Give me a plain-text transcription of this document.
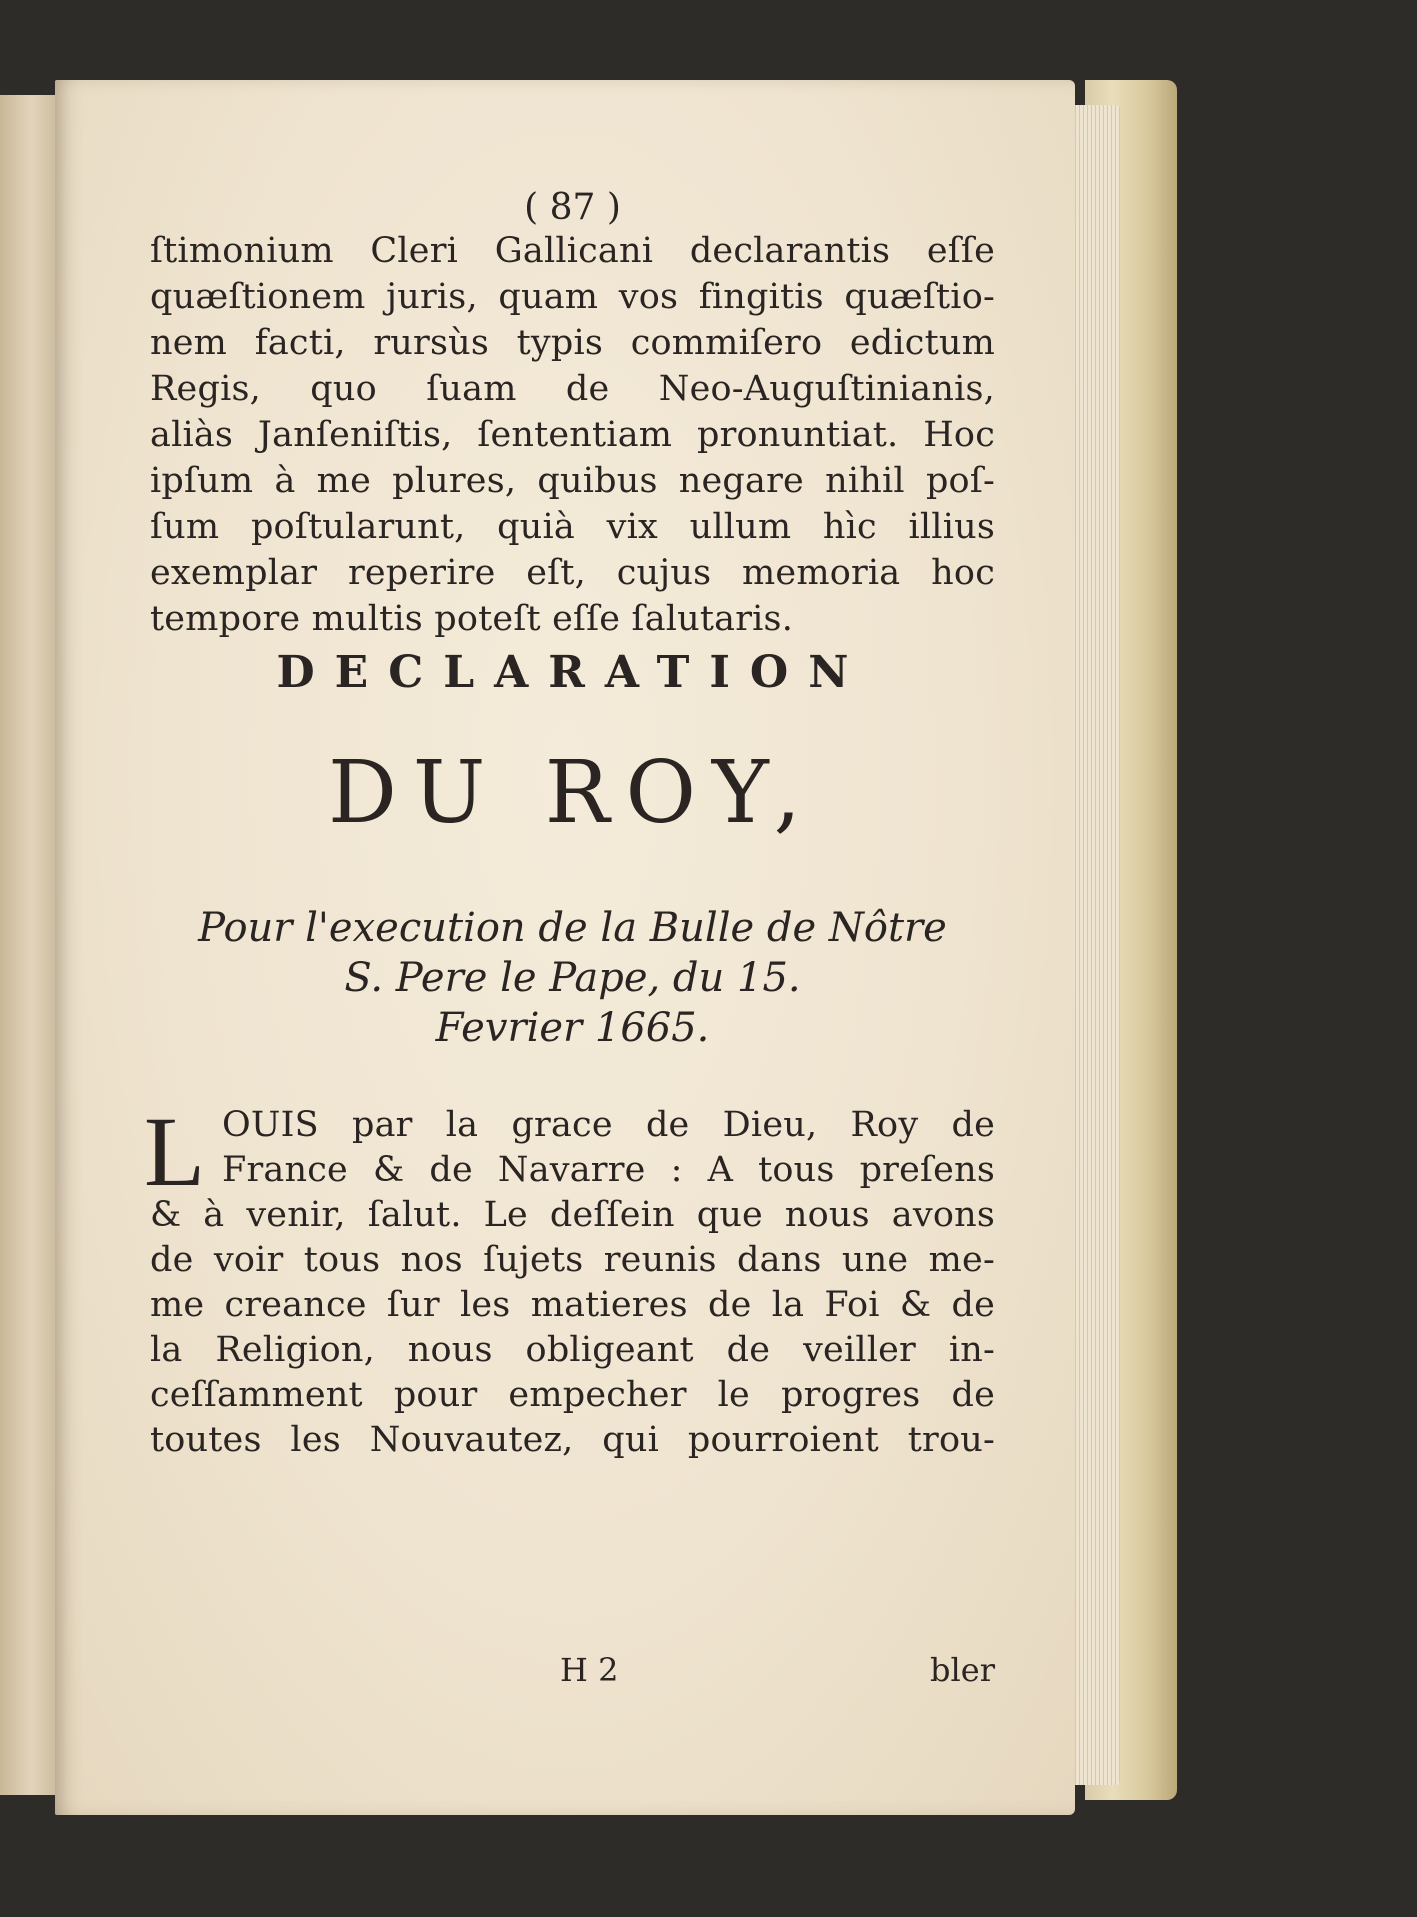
( 87 )
ſtimonium Cleri Gallicani declarantis eſſe
quæſtionem juris, quam vos fingitis quæſtio-
nem facti, rursùs typis commiſero edictum
Regis, quo ſuam de Neo-Auguſtinianis,
aliàs Janſeniſtis, ſententiam pronuntiat. Hoc
ipſum à me plures, quibus negare nihil poſ-
ſum poſtularunt, quià vix ullum hìc illius
exemplar reperire eſt, cujus memoria hoc
tempore multis poteſt eſſe ſalutaris.
DECLARATION
DU ROY,
Pour l'execution de la Bulle de Nôtre
S. Pere le Pape, du 15.
Fevrier 1665.
L OUIS par la grace de Dieu, Roy de
France & de Navarre : A tous preſens
& à venir, ſalut. Le deſſein que nous avons
de voir tous nos ſujets reunis dans une me-
me creance ſur les matieres de la Foi & de
la Religion, nous obligeant de veiller in-
ceſſamment pour empecher le progres de
toutes les Nouvautez, qui pourroient trou-
H 2	bler
